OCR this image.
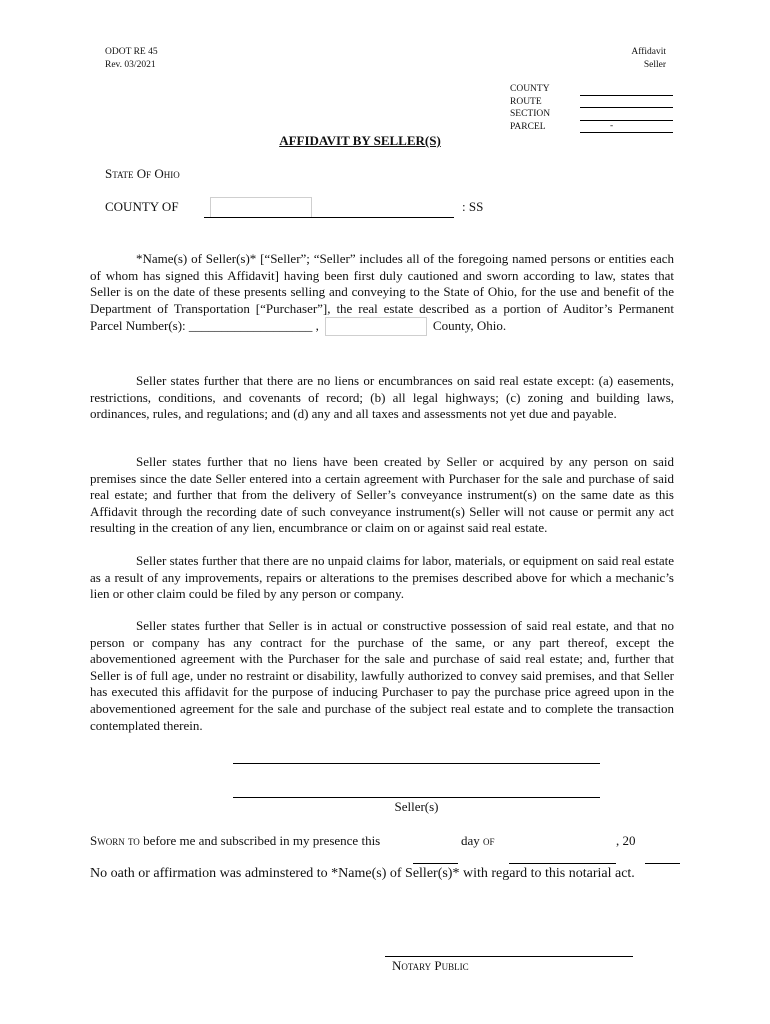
ODOT RE 45
Rev. 03/2021
Affidavit
Seller
COUNTY
ROUTE
SECTION
PARCEL	-
AFFIDAVIT BY SELLER(S)
State Of Ohio
COUNTY OF	: SS

*Name(s) of Seller(s)* [“Seller”; “Seller” includes all of the foregoing named persons or entities each of whom has signed this Affidavit] having been first duly cautioned and sworn according to law, states that Seller is on the date of these presents selling and conveying to the State of Ohio, for the use and benefit of the Department of Transportation [“Purchaser”], the real estate described as a portion of Auditor’s Permanent Parcel Number(s): ___________________ ,	County, Ohio.

Seller states further that there are no liens or encumbrances on said real estate except: (a) easements, restrictions, conditions, and covenants of record; (b) all legal highways; (c) zoning and building laws, ordinances, rules, and regulations; and (d) any and all taxes and assessments not yet due and payable.

Seller states further that no liens have been created by Seller or acquired by any person on said premises since the date Seller entered into a certain agreement with Purchaser for the sale and purchase of said real estate; and further that from the delivery of Seller’s conveyance instrument(s) on the same date as this Affidavit through the recording date of such conveyance instrument(s) Seller will not cause or permit any act resulting in the creation of any lien, encumbrance or claim on or against said real estate.

Seller states further that there are no unpaid claims for labor, materials, or equipment on said real estate as a result of any improvements, repairs or alterations to the premises described above for which a mechanic’s lien or other claim could be filed by any person or company.

Seller states further that Seller is in actual or constructive possession of said real estate, and that no person or company has any contract for the purchase of the same, or any part thereof, except the abovementioned agreement with the Purchaser for the sale and purchase of said real estate; and, further that Seller is of full age, under no restraint or disability, lawfully authorized to convey said premises, and that Seller has executed this affidavit for the purpose of inducing Purchaser to pay the purchase price agreed upon in the abovementioned agreement for the sale and purchase of the subject real estate and to complete the transaction contemplated therein.

Seller(s)
Sworn to before me and subscribed in my presence this	day of	, 20
No oath or affirmation was adminstered to *Name(s) of Seller(s)* with regard to this notarial act.
Notary Public
